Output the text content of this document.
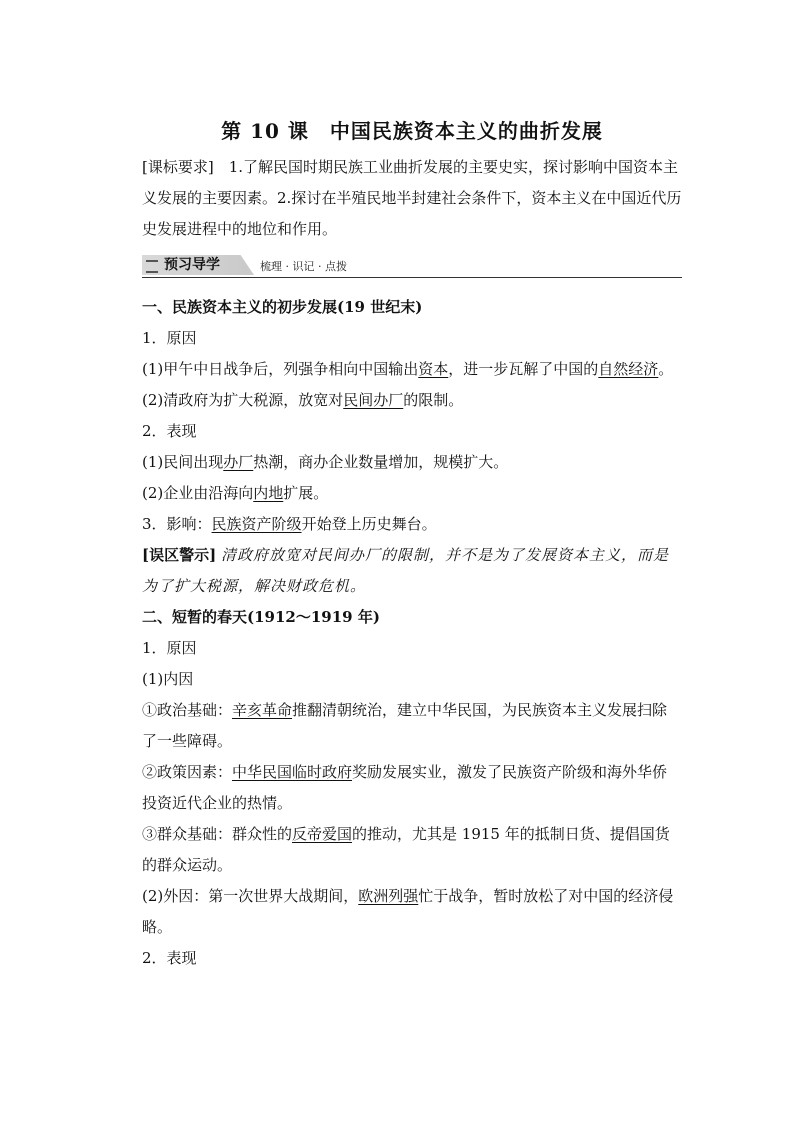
第 10 课　中国民族资本主义的曲折发展

[课标要求]　1.了解民国时期民族工业曲折发展的主要史实，探讨影响中国资本主义发展的主要因素。2.探讨在半殖民地半封建社会条件下，资本主义在中国近代历史发展进程中的地位和作用。

预习导学	梳理 · 识记 · 点拨

一、民族资本主义的初步发展(19 世纪末)

1．原因

(1)甲午中日战争后，列强争相向中国输出资本，进一步瓦解了中国的自然经济。

(2)清政府为扩大税源，放宽对民间办厂的限制。

2．表现

(1)民间出现办厂热潮，商办企业数量增加，规模扩大。

(2)企业由沿海向内地扩展。

3．影响：民族资产阶级开始登上历史舞台。

[误区警示] 清政府放宽对民间办厂的限制，并不是为了发展资本主义，而是为了扩大税源，解决财政危机。

二、短暂的春天(1912～1919 年)

1．原因

(1)内因

①政治基础：辛亥革命推翻清朝统治，建立中华民国，为民族资本主义发展扫除了一些障碍。

②政策因素：中华民国临时政府奖励发展实业，激发了民族资产阶级和海外华侨投资近代企业的热情。

③群众基础：群众性的反帝爱国的推动，尤其是 1915 年的抵制日货、提倡国货的群众运动。

(2)外因：第一次世界大战期间，欧洲列强忙于战争，暂时放松了对中国的经济侵略。

2．表现
